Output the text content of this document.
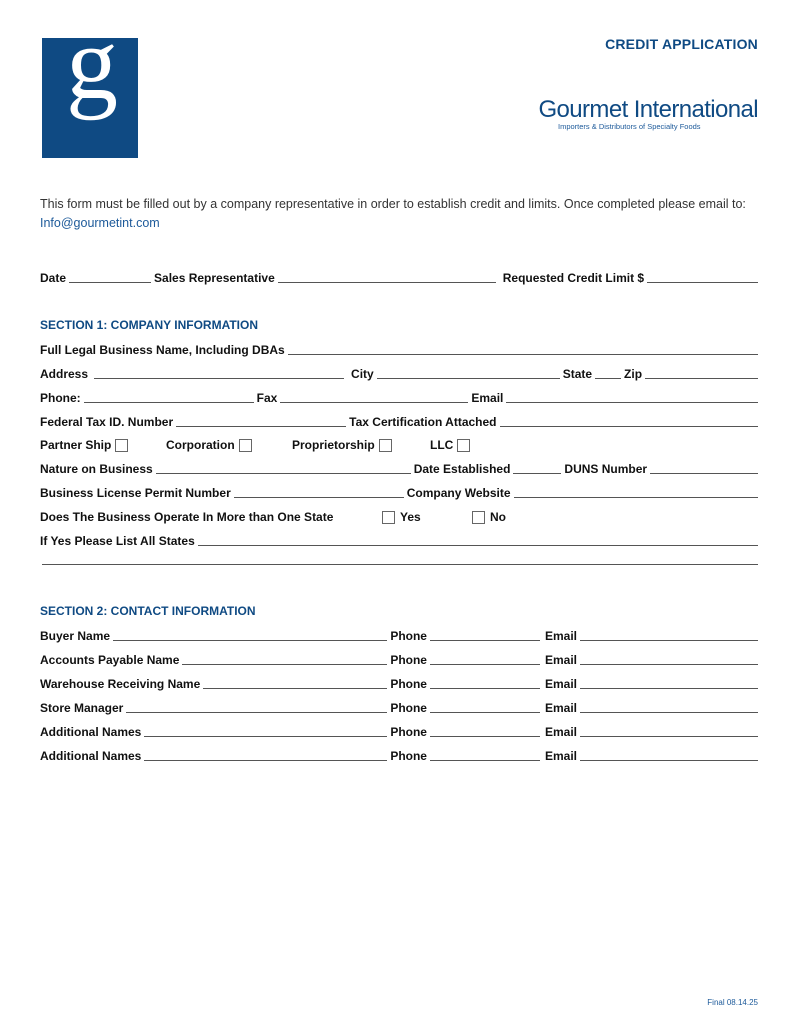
g	CREDIT APPLICATION
Gourmet International
Importers & Distributors of Specialty Foods
This form must be filled out by a company representative in order to establish credit and limits. Once completed please email to: Info@gourmetint.com
Date	Sales Representative	Requested Credit Limit $
SECTION 1: COMPANY INFORMATION
Full Legal Business Name, Including DBAs
Address	City	State	Zip
Phone:	Fax	Email
Federal Tax ID. Number	Tax Certification Attached
Partner Ship	Corporation	Proprietorship	LLC
Nature on Business	Date Established	DUNS Number
Business License Permit Number	Company Website
Does The Business Operate In More than One State	Yes	No
If Yes Please List All States
SECTION 2: CONTACT INFORMATION
Buyer Name	Phone	Email
Accounts Payable Name	Phone	Email
Warehouse Receiving Name	Phone	Email
Store Manager	Phone	Email
Additional Names	Phone	Email
Additional Names	Phone	Email
Final 08.14.25
